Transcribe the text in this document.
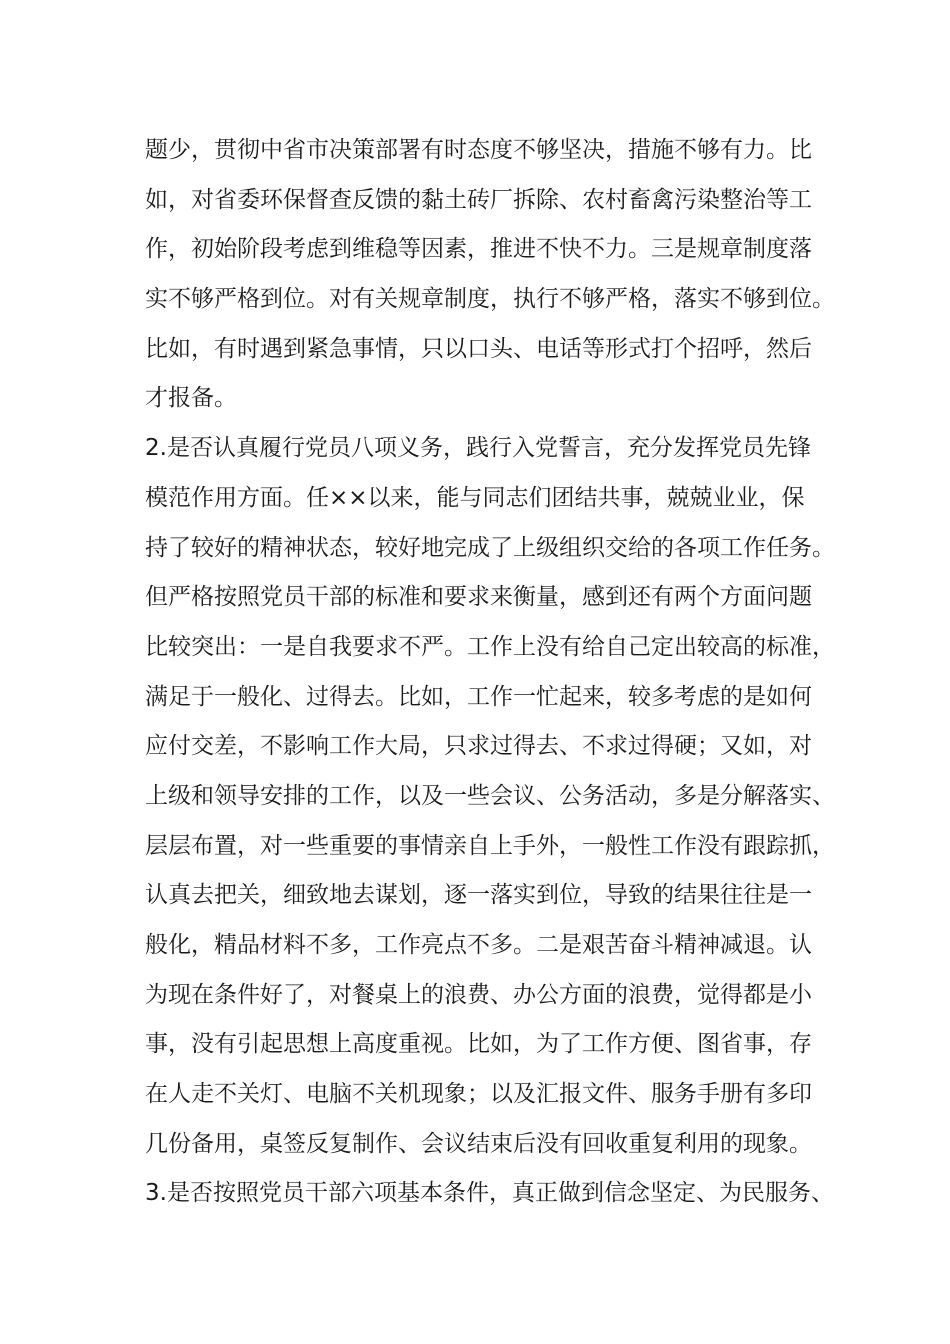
题少，贯彻中省市决策部署有时态度不够坚决，措施不够有力。比
如，对省委环保督查反馈的黏土砖厂拆除、农村畜禽污染整治等工
作，初始阶段考虑到维稳等因素，推进不快不力。三是规章制度落
实不够严格到位。对有关规章制度，执行不够严格，落实不够到位。
比如，有时遇到紧急事情，只以口头、电话等形式打个招呼，然后
才报备。
2.是否认真履行党员八项义务，践行入党誓言，充分发挥党员先锋
模范作用方面。任××以来，能与同志们团结共事，兢兢业业，保
持了较好的精神状态，较好地完成了上级组织交给的各项工作任务。
但严格按照党员干部的标准和要求来衡量，感到还有两个方面问题
比较突出：一是自我要求不严。工作上没有给自己定出较高的标准，
满足于一般化、过得去。比如，工作一忙起来，较多考虑的是如何
应付交差，不影响工作大局，只求过得去、不求过得硬；又如，对
上级和领导安排的工作，以及一些会议、公务活动，多是分解落实、
层层布置，对一些重要的事情亲自上手外，一般性工作没有跟踪抓，
认真去把关，细致地去谋划，逐一落实到位，导致的结果往往是一
般化，精品材料不多，工作亮点不多。二是艰苦奋斗精神减退。认
为现在条件好了，对餐桌上的浪费、办公方面的浪费，觉得都是小
事，没有引起思想上高度重视。比如，为了工作方便、图省事，存
在人走不关灯、电脑不关机现象；以及汇报文件、服务手册有多印
几份备用，桌签反复制作、会议结束后没有回收重复利用的现象。
3.是否按照党员干部六项基本条件，真正做到信念坚定、为民服务、
